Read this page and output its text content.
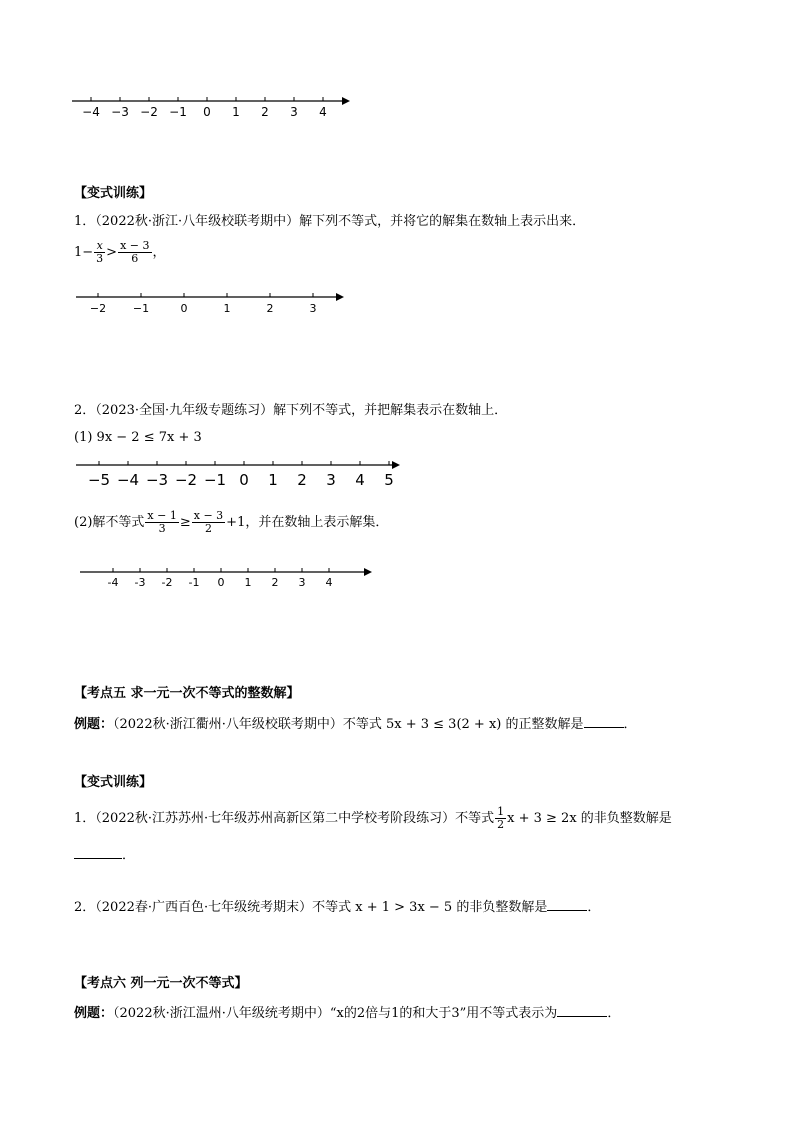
−4 −3 −2 −1 0 1 2 3 4
【变式训练】
1．（2022秋·浙江·八年级校联考期中）解下列不等式，并将它的解集在数轴上表示出来．
$1- \frac{x}{3} > \frac{x - 3}{6}$ ，
−2 −1	0	1	2	3
2．（2023·全国·九年级专题练习）解下列不等式，并把解集表示在数轴上．
(1) 9x − 2 ≤ 7x + 3
−5 −4 −3 −2 −1 0 1 2 3 4 5
(2)解不等式 $\frac{x - 1}{3} \ge \frac{x - 3}{2} +1$，并在数轴上表示解集．
-4 -3 -2 -1 0 1 2 3 4
【考点五 求一元一次不等式的整数解】
例题：（2022秋·浙江衢州·八年级校联考期中）不等式 5x + 3 ≤ 3(2 + x) 的正整数解是	．
【变式训练】
1．（2022秋·江苏苏州·七年级苏州高新区第二中学校考阶段练习）不等式 $\frac{1}{2}$ x + 3 ≥ 2x 的非负整数解是
．
2．（2022春·广西百色·七年级统考期末）不等式 x + 1 > 3x − 5 的非负整数解是	．
【考点六 列一元一次不等式】
例题：（2022秋·浙江温州·八年级统考期中）“x的2倍与1的和大于3”用不等式表示为	．
